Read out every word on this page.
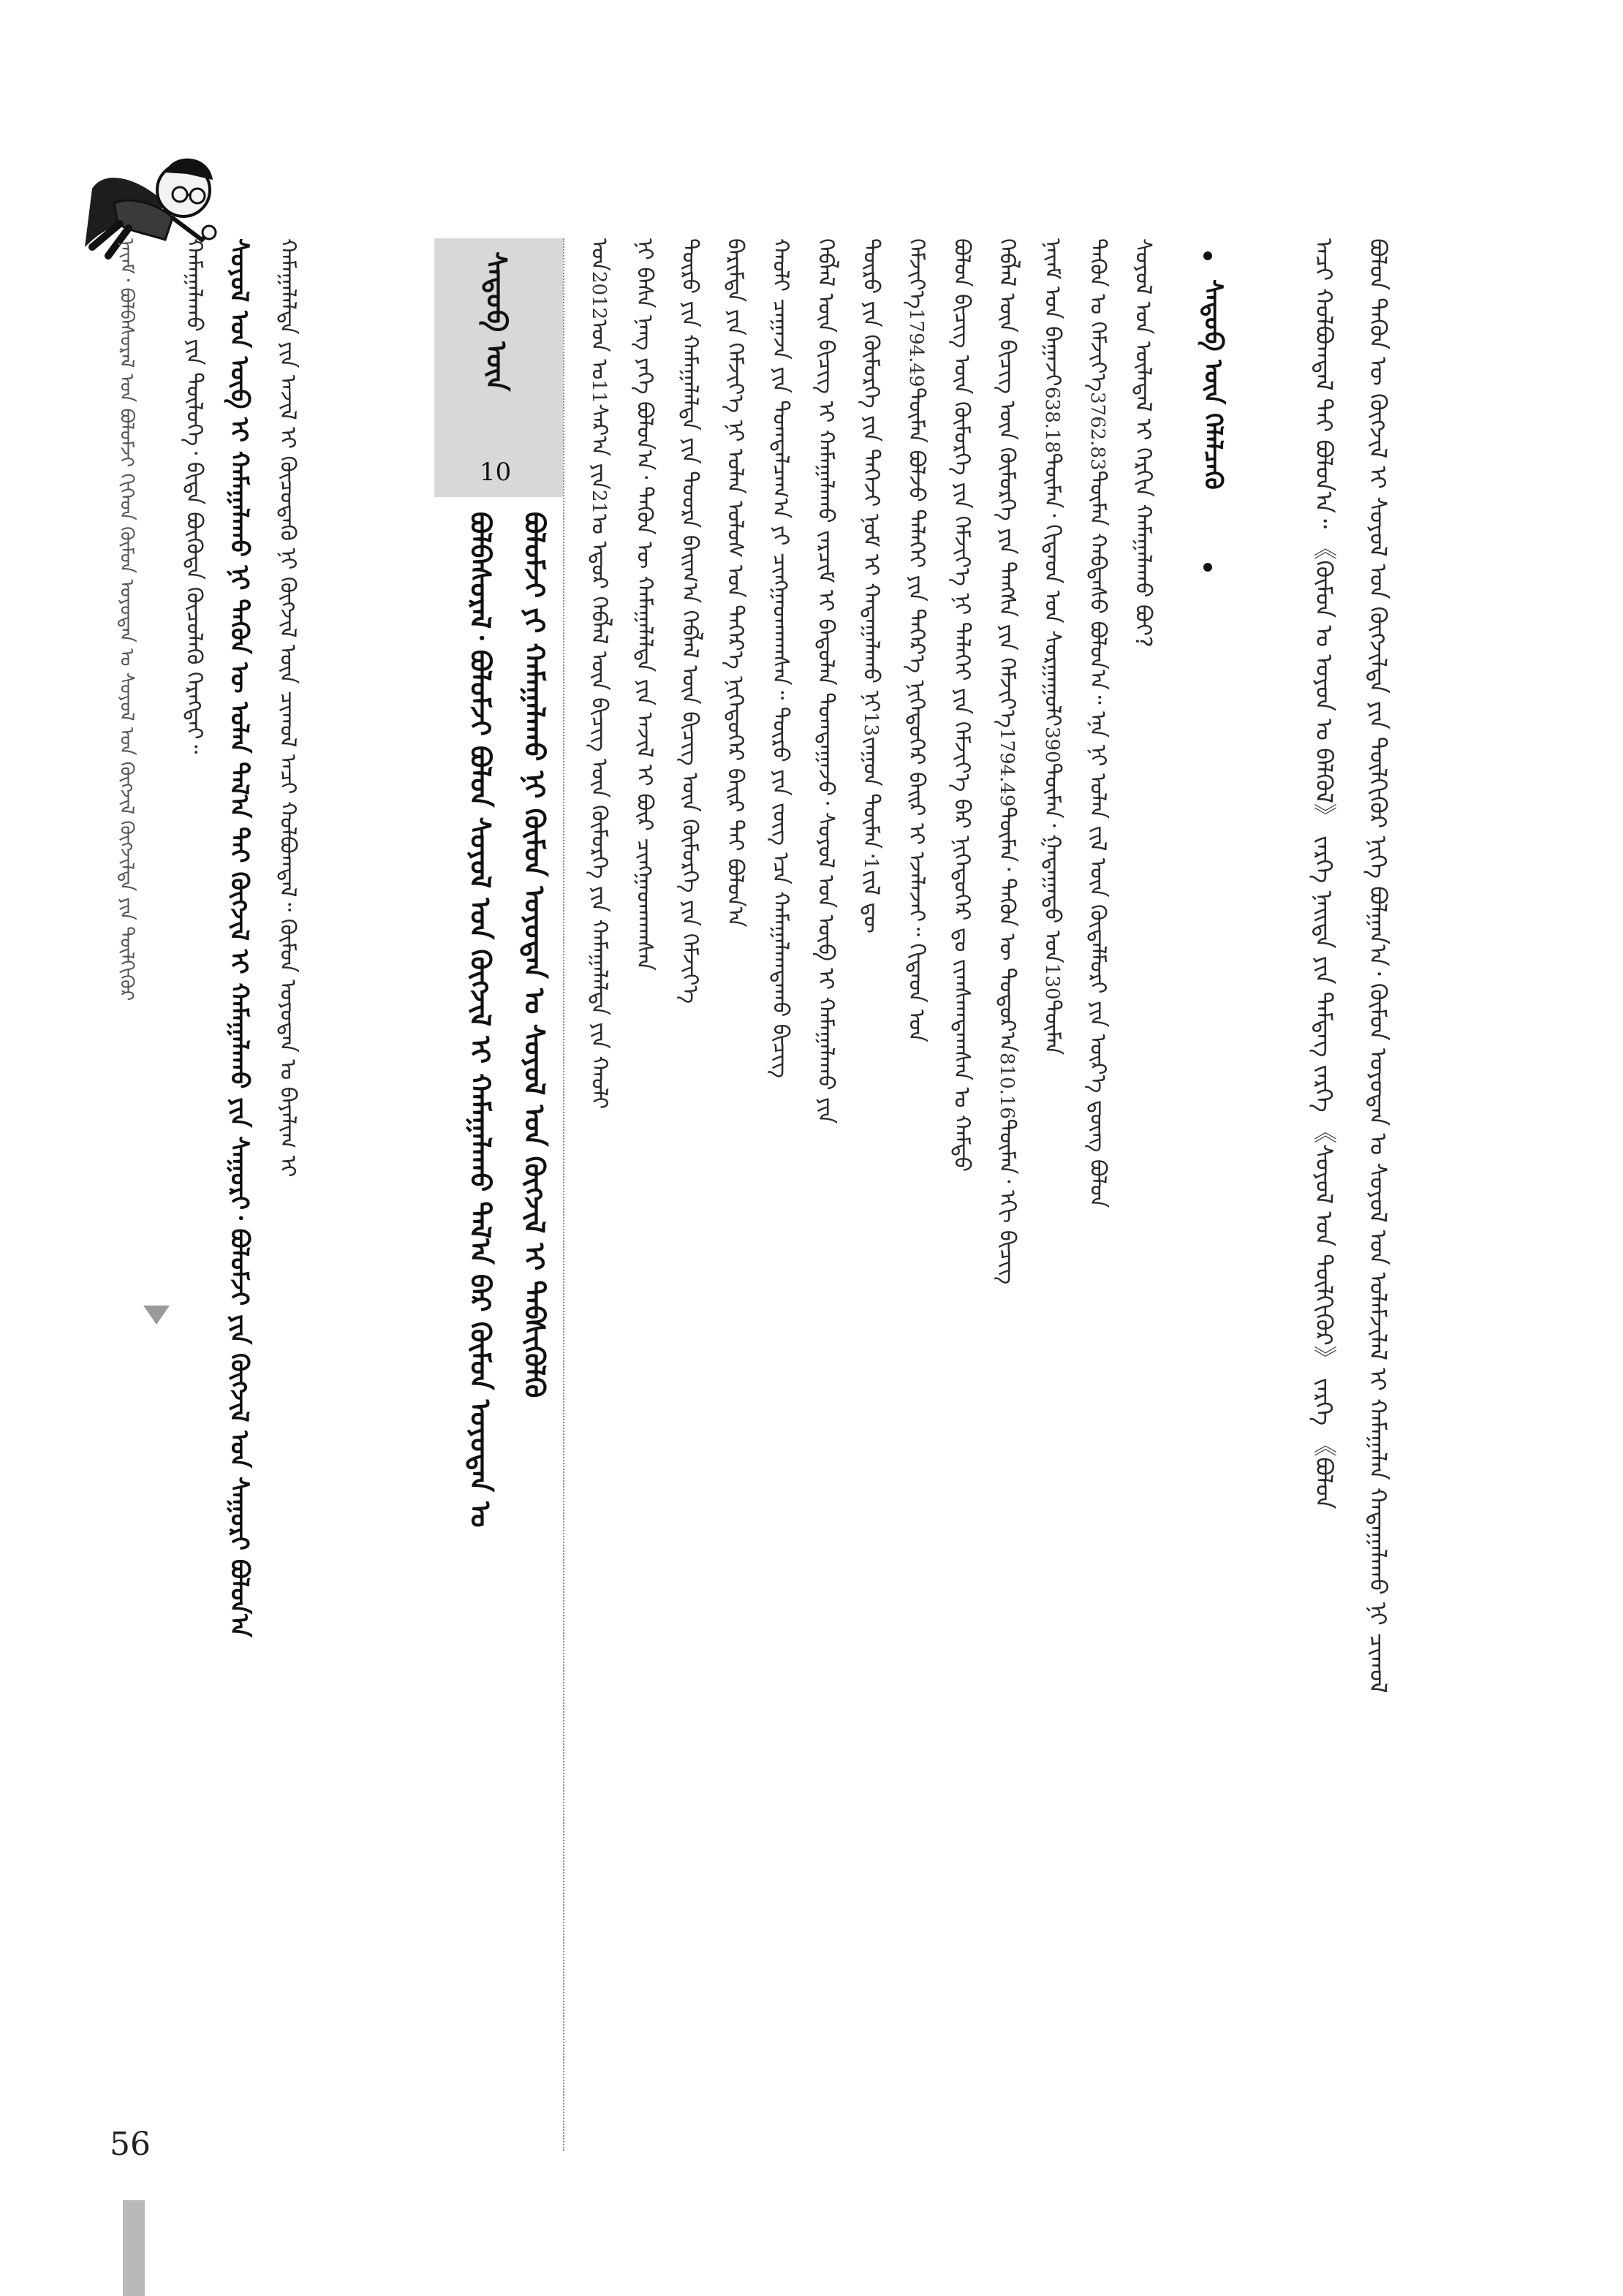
ᠨᠠᠶ᠋ᠠᠮ᠂ ᠪᠣᠯᠪᠠᠰᠤᠷᠠᠯ ᠤᠨ ᠪᠣᠯᠤᠮᠵᠢ ᠬᠢᠭᠡᠳ ᠬᠦᠮᠦᠨ ᠣᠶᠣᠳᠠᠨ ᠤ ᠰᠣᠶᠣᠯ ᠤᠨ ᠬᠥᠭᠵᠢᠯ ᠬᠥᠭᠵᠢᠯᠲᠡ ᠶᠢᠨ ᠲᠦᠯᠬᠢᠭᠦᠷ	ᠬᠠᠮᠠᠭᠠᠯᠠᠬᠤ ᠶᠢᠨ ᠲᠥᠯᠥᠭᠡ᠂ ᠪᠢᠳᠡ ᠪᠦᠭᠦᠳᠡ ᠬᠦᠴᠦᠯᠡᠬᠦ ᠬᠡᠷᠡᠭᠲᠡᠢ᠃ ᠰᠣᠶᠣᠯ ᠤᠨ ᠥᠪ ᠢ ᠬᠠᠮᠠᠭᠠᠯᠠᠬᠤ ᠨᠢ ᠲᠡᠭᠦᠨ ᠦ ᠣᠯᠠᠨ ᠲᠠᠯ᠎ᠠ ᠲᠠᠢ ᠬᠥᠭᠵᠢᠯ ᠢ ᠬᠠᠮᠠᠭᠠᠯᠠᠬᠤ ᠶᠢᠨ ᠰᠠᠭᠤᠷᠢ᠂ ᠪᠣᠯᠤᠮᠵᠢ ᠶᠢᠨ ᠬᠥᠭᠵᠢᠯ ᠤᠨ ᠰᠠᠭᠤᠷᠢ ᠪᠣᠯᠤᠨ᠎ᠠ ᠬᠠᠮᠠᠭᠠᠯᠠᠯᠲᠠ ᠶᠢᠨ ᠠᠵᠢᠯ ᠢ ᠬᠦᠴᠦᠳᠡᠬᠦ ᠨᠢ ᠬᠥᠭᠵᠢᠯ ᠦᠨ ᠴᠢᠬᠤᠯ ᠠᠴᠢ ᠬᠣᠯᠪᠣᠭᠳᠠᠯ᠃ ᠬᠦᠮᠦᠨ ᠣᠶᠣᠳᠠᠨ ᠤ ᠪᠠᠶᠠᠯᠢᠭ ᠢ	ᠰᠡᠳᠦᠪ ᠦᠨ
10
ᠪᠣᠯᠪᠠᠰᠤᠷᠠᠯ᠂ ᠪᠣᠯᠤᠮᠵᠢ ᠪᠣᠯᠤᠨ ᠰᠣᠶᠣᠯ ᠤᠨ ᠬᠥᠭᠵᠢᠯ ᠢ ᠬᠠᠮᠠᠭᠠᠯᠠᠬᠤ ᠲᠠᠯ᠎ᠠ ᠪᠠᠷ ᠬᠦᠮᠦᠨ ᠣᠶᠣᠳᠠᠨ ᠤ ᠪᠣᠯᠤᠮᠵᠢ ᠶᠢ ᠬᠠᠮᠠᠭᠠᠯᠠᠬᠤ ᠨᠢ ᠬᠦᠮᠦᠨ ᠣᠶᠣᠳᠠᠨ ᠤ ᠰᠣᠶᠣᠯ ᠤᠨ ᠬᠥᠭᠵᠢᠯ ᠢ ᠳᠡᠪᠰᠢᠭᠦᠯᠬᠦ
ᠣᠨ2012ᠤᠨ ᠤ11ᠰᠠᠷ᠎ᠠ ᠶᠢᠨ21ᠤ ᠡᠳᠦᠷ ᠬᠡᠪᠯᠡᠯ ᠦᠨ ᠪᠢᠴᠢᠭ ᠦᠨ ᠬᠥᠮᠥᠷᠭᠡ ᠶᠢᠨ ᠬᠠᠮᠠᠭᠠᠯᠠᠯᠲᠠ ᠶᠢᠨ ᠬᠠᠤᠯᠢ ᠨᠢ ᠪᠠᠰᠠ ᠨᠡᠩ ᠶᠡᠬᠡ ᠪᠣᠯᠤᠨ᠎ᠠ᠂ ᠲᠡᠭᠦᠨ ᠦ ᠬᠠᠮᠠᠭᠠᠯᠠᠯᠲᠠ ᠶᠢᠨ ᠠᠵᠢᠯ ᠢ ᠪᠦᠷ ᠴᠢᠩᠭᠠᠳᠬᠠᠭᠰᠠᠨ ᠲᠥᠷᠥ ᠶᠢᠨ ᠬᠠᠮᠠᠭᠠᠯᠠᠯᠲᠠ ᠶᠢᠨ ᠳᠣᠣᠷᠠ ᠪᠠᠢᠭ᠎ᠠ ᠬᠡᠪᠯᠡᠯ ᠦᠨ ᠪᠢᠴᠢᠭ ᠦᠨ ᠬᠥᠮᠥᠷᠭᠡ ᠶᠢᠨ ᠬᠡᠮᠵᠢᠶ᠎ᠡ ᠪᠠᠷᠢᠮᠲᠠ ᠶᠢᠨ ᠬᠡᠮᠵᠢᠶ᠎ᠡ ᠨᠢ ᠣᠯᠠᠨ ᠤᠯᠤᠰ ᠤᠨ ᠳᠡᠭᠡᠷ᠎ᠡ ᠨᠢᠭᠡᠳᠦᠭᠡᠷ ᠪᠠᠢᠷ ᠲᠠᠢ ᠪᠣᠯᠤᠨ᠎ᠠ ᠬᠠᠤᠯᠢ ᠴᠠᠭᠠᠵᠠ ᠶᠢᠨ ᠲᠣᠭᠲᠠᠯᠴᠠᠭ᠎ᠠ ᠶᠢ ᠴᠢᠩᠭᠠᠳᠬᠠᠭᠰᠠᠨ᠃ ᠲᠥᠷᠥ ᠶᠢᠨ ᠵᠦᠭ ᠡᠴᠡ ᠬᠠᠮᠠᠭᠠᠯᠠᠭᠳᠠᠬᠤ ᠪᠢᠴᠢᠭ ᠬᠡᠪᠯᠡᠯ ᠦᠨ ᠪᠢᠴᠢᠭ ᠢ ᠬᠠᠮᠠᠭᠠᠯᠠᠬᠤ ᠵᠠᠷᠴᠢᠮ ᠢ ᠪᠠᠲᠤᠯᠠᠨ ᠲᠣᠭᠲᠠᠭᠠᠵᠤ᠂ ᠰᠣᠶᠣᠯ ᠤᠨ ᠥᠪ ᠢ ᠬᠠᠮᠠᠭᠠᠯᠠᠬᠤ ᠶᠢᠨ ᠲᠥᠷᠥ ᠶᠢᠨ ᠬᠥᠮᠥᠷᠭᠡ ᠶᠢᠨ ᠳᠡᠭᠡᠵᠢ ᠨᠣᠮ ᠢ ᠬᠠᠳᠠᠭᠠᠯᠠᠬᠤ ᠨᠢ13ᠵᠠᠭᠤᠨ ᠲᠦᠮᠡᠨ᠂1ᠵᠢᠯ ᠳᠦ
ᠬᠡᠮᠵᠢᠶ᠎ᠡ1794.49ᠲᠦᠮᠡᠨ ᠪᠣᠯᠵᠤ ᠳᠡᠯᠡᠬᠡᠢ ᠶᠢᠨ ᠳᠡᠭᠡᠷ᠎ᠡ ᠨᠢᠭᠡᠳᠦᠭᠡᠷ ᠪᠠᠢᠷ ᠢ ᠡᠵᠡᠯᠡᠵᠡᠢ᠃ ᠬᠢᠲᠠᠳ ᠤᠨ ᠪᠣᠯᠤᠨ ᠪᠢᠴᠢᠭ ᠦᠨ ᠬᠥᠮᠥᠷᠭᠡ ᠶᠢᠨ ᠬᠡᠮᠵᠢᠶ᠎ᠡ ᠨᠢ ᠳᠡᠯᠡᠬᠡᠢ ᠶᠢᠨ ᠬᠡᠮᠵᠢᠶ᠎ᠡ ᠪᠡᠷ ᠨᠢᠭᠡᠳᠦᠭᠡᠷ ᠳᠤ ᠵᠢᠭᠰᠠᠭᠳᠠᠭᠰᠠᠨ ᠤ ᠬᠠᠮᠲᠤ ᠬᠡᠪᠯᠡᠯ ᠦᠨ ᠪᠢᠴᠢᠭ ᠦᠨ ᠬᠥᠮᠥᠷᠭᠡ ᠶᠢᠨ ᠳᠠᠩᠰᠠ ᠶᠢᠨ ᠬᠡᠮᠵᠢᠶ᠎ᠡ1794.49ᠲᠦᠮᠡᠨ᠂ ᠲᠡᠭᠦᠨ ᠦ ᠳᠣᠲᠣᠷ᠎ᠠ810.16ᠲᠦᠮᠡᠨ᠂ ᠡᠬᠢ ᠪᠢᠴᠢᠭ
ᠨᠠᠶ᠋ᠠᠮ ᠤᠨ ᠪᠠᠭᠠᠵᠢ638.18ᠲᠦᠮᠡᠨ᠂ ᠬᠢᠲᠠᠳ ᠤᠨ ᠰᠤᠷᠭᠠᠭᠤᠯᠢ390ᠲᠦᠮᠡᠨ᠂ ᠭᠠᠳᠠᠭᠠᠳᠤ ᠤᠨ130ᠲᠦᠮᠡᠨ
ᠲᠡᠭᠦᠨ ᠤ ᠬᠡᠮᠵᠢᠶ᠎ᠡ3762.83ᠲᠦᠮᠡᠨ ᠬᠠᠪᠲᠠᠰᠤ ᠪᠣᠯᠤᠨ᠎ᠠ᠃ ᠡᠨᠡ ᠨᠢ ᠣᠯᠠᠨ ᠵᠢᠯ ᠦᠨ ᠬᠥᠳᠡᠯᠮᠦᠷᠢ ᠶᠢᠨ ᠦᠷ᠎ᠡ ᠳ᠋ᠦᠩ ᠪᠣᠯᠤᠨ
ᠰᠣᠶᠣᠯ ᠤᠨ ᠦᠯᠡᠳᠡᠯ ᠢ ᠬᠡᠷᠬᠢᠨ ᠬᠠᠮᠠᠭᠠᠯᠠᠬᠤ ᠪᠤᠢ?	ᠰᠡᠳᠦᠪ ᠦᠨ ᠬᠡᠯᠡᠯᠴᠡᠬᠦ	ᠠᠴᠢ ᠬᠣᠯᠪᠣᠭᠳᠠᠯ ᠲᠠᠢ ᠪᠣᠯᠤᠨ᠎ᠠ᠃ 《ᠬᠦᠮᠦᠨ ᠤ ᠣᠶᠣᠨ ᠤ ᠪᠡᠯᠬᠦᠯ》 ᠵᠡᠷᠭᠡ ᠨᠡᠢᠲᠡ ᠶᠢᠨ ᠲᠡᠮᠳᠡᠭ ᠵᠡᠷᠭᠡ 《ᠰᠣᠶᠣᠯ ᠤᠨ ᠲᠦᠯᠬᠢᠭᠦᠷ》 ᠵᠡᠷᠭᠡ 《ᠪᠣᠯᠤᠨ	ᠪᠣᠯᠤᠨ ᠲᠡᠭᠦᠨ ᠦ ᠬᠥᠭᠵᠢᠯ ᠢ ᠰᠣᠶᠣᠯ ᠤᠨ ᠬᠥᠭᠵᠢᠯᠲᠡ ᠶᠢᠨ ᠲᠦᠯᠬᠢᠭᠦᠷ ᠨᠢᠭᠡ ᠪᠣᠯᠭᠠᠨ᠎ᠠ᠂ ᠬᠦᠮᠦᠨ ᠣᠶᠣᠳᠠᠨ ᠤ ᠰᠣᠶᠣᠯ ᠤᠨ ᠤᠯᠠᠮᠵᠢᠯᠠᠯ ᠢ ᠬᠠᠮᠠᠭᠠᠯᠠᠨ ᠬᠠᠳᠠᠭᠠᠯᠠᠬᠤ ᠨᠢ ᠴᠢᠬᠤᠯ
56
